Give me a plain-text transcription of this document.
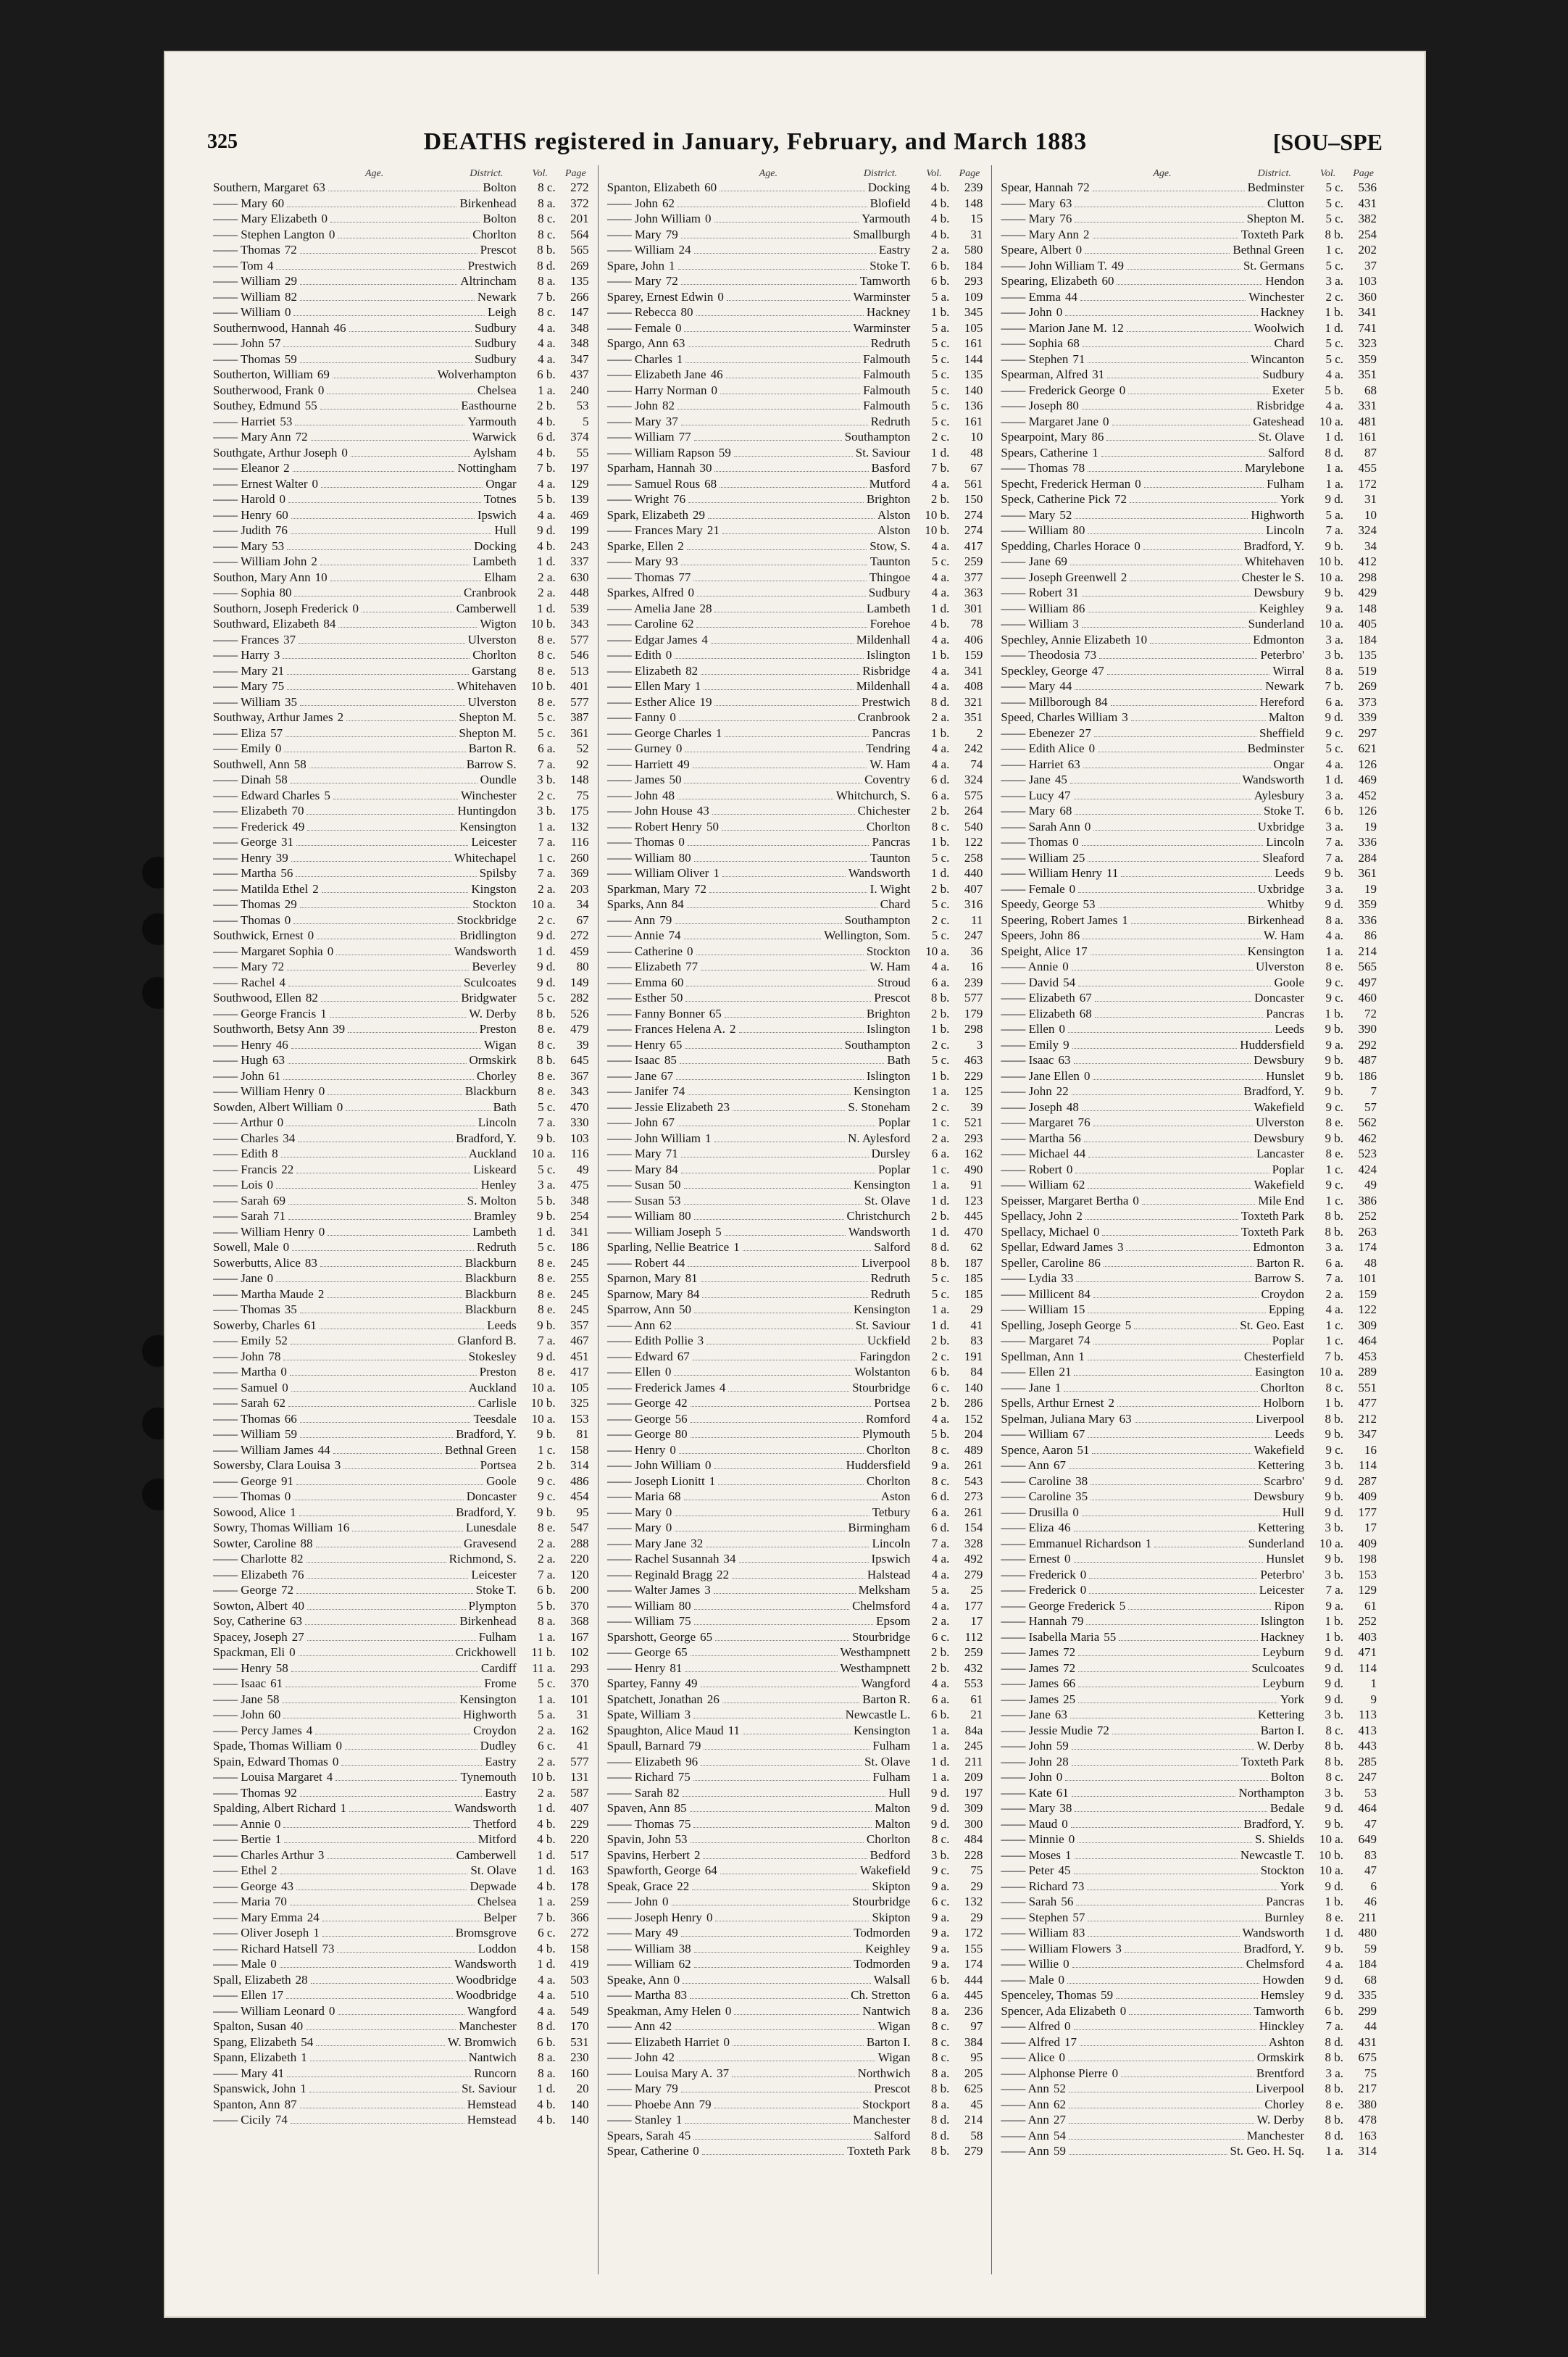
325	DEATHS registered in January, February, and March 1883	[SOU–SPE
Age.	District.	Vol. Page
Southern, Margaret 63	Bolton	8 c.	272
—— Mary 60	Birkenhead	8 a.	372
—— Mary Elizabeth 0	Bolton	8 c.	201
—— Stephen Langton 0	Chorlton	8 c.	564
—— Thomas 72	Prescot	8 b.	565
—— Tom 4	Prestwich	8 d.	269
—— William 29	Altrincham	8 a.	135
—— William 82	Newark	7 b.	266
—— William 0	Leigh	8 c.	147
Southernwood, Hannah 46	Sudbury	4 a.	348
—— John 57	Sudbury	4 a.	348
—— Thomas 59	Sudbury	4 a.	347
Southerton, William 69	Wolverhampton	6 b.	437
Southerwood, Frank 0	Chelsea	1 a.	240
Southey, Edmund 55	Easthourne	2 b.	53
—— Harriet 53	Yarmouth	4 b.	5
—— Mary Ann 72	Warwick	6 d.	374
Southgate, Arthur Joseph 0	Aylsham	4 b.	55
—— Eleanor 2	Nottingham	7 b.	197
—— Ernest Walter 0	Ongar	4 a.	129
—— Harold 0	Totnes	5 b.	139
—— Henry 60	Ipswich	4 a.	469
—— Judith 76	Hull	9 d.	199
—— Mary 53	Docking	4 b.	243
—— William John 2	Lambeth	1 d.	337
Southon, Mary Ann 10	Elham	2 a.	630
—— Sophia 80	Cranbrook	2 a.	448
Southorn, Joseph Frederick 0	Camberwell	1 d.	539
Southward, Elizabeth 84	Wigton	10 b.	343
—— Frances 37	Ulverston	8 e.	577
—— Harry 3	Chorlton	8 c.	546
—— Mary 21	Garstang	8 e.	513
—— Mary 75	Whitehaven	10 b.	401
—— William 35	Ulverston	8 e.	577
Southway, Arthur James 2	Shepton M.	5 c.	387
—— Eliza 57	Shepton M.	5 c.	361
—— Emily 0	Barton R.	6 a.	52
Southwell, Ann 58	Barrow S.	7 a.	92
—— Dinah 58	Oundle	3 b.	148
—— Edward Charles 5	Winchester	2 c.	75
—— Elizabeth 70	Huntingdon	3 b.	175
—— Frederick 49	Kensington	1 a.	132
—— George 31	Leicester	7 a.	116
—— Henry 39	Whitechapel	1 c.	260
—— Martha 56	Spilsby	7 a.	369
—— Matilda Ethel 2	Kingston	2 a.	203
—— Thomas 29	Stockton	10 a.	34
—— Thomas 0	Stockbridge	2 c.	67
Southwick, Ernest 0	Bridlington	9 d.	272
—— Margaret Sophia 0	Wandsworth	1 d.	459
—— Mary 72	Beverley	9 d.	80
—— Rachel 4	Sculcoates	9 d.	149
Southwood, Ellen 82	Bridgwater	5 c.	282
—— George Francis 1	W. Derby	8 b.	526
Southworth, Betsy Ann 39	Preston	8 e.	479
—— Henry 46	Wigan	8 c.	39
—— Hugh 63	Ormskirk	8 b.	645
—— John 61	Chorley	8 e.	367
—— William Henry 0	Blackburn	8 e.	343
Sowden, Albert William 0	Bath	5 c.	470
—— Arthur 0	Lincoln	7 a.	330
—— Charles 34	Bradford, Y.	9 b.	103
—— Edith 8	Auckland	10 a.	116
—— Francis 22	Liskeard	5 c.	49
—— Lois 0	Henley	3 a.	475
—— Sarah 69	S. Molton	5 b.	348
—— Sarah 71	Bramley	9 b.	254
—— William Henry 0	Lambeth	1 d.	341
Sowell, Male 0	Redruth	5 c.	186
Sowerbutts, Alice 83	Blackburn	8 e.	245
—— Jane 0	Blackburn	8 e.	255
—— Martha Maude 2	Blackburn	8 e.	245
—— Thomas 35	Blackburn	8 e.	245
Sowerby, Charles 61	Leeds	9 b.	357
—— Emily 52	Glanford B.	7 a.	467
—— John 78	Stokesley	9 d.	451
—— Martha 0	Preston	8 e.	417
—— Samuel 0	Auckland	10 a.	105
—— Sarah 62	Carlisle	10 b.	325
—— Thomas 66	Teesdale	10 a.	153
—— William 59	Bradford, Y.	9 b.	81
—— William James 44	Bethnal Green	1 c.	158
Sowersby, Clara Louisa 3	Portsea	2 b.	314
—— George 91	Goole	9 c.	486
—— Thomas 0	Doncaster	9 c.	454
Sowood, Alice 1	Bradford, Y.	9 b.	95
Sowry, Thomas William 16	Lunesdale	8 e.	547
Sowter, Caroline 88	Gravesend	2 a.	288
—— Charlotte 82	Richmond, S.	2 a.	220
—— Elizabeth 76	Leicester	7 a.	120
—— George 72	Stoke T.	6 b.	200
Sowton, Albert 40	Plympton	5 b.	370
Soy, Catherine 63	Birkenhead	8 a.	368
Spacey, Joseph 27	Fulham	1 a.	167
Spackman, Eli 0	Crickhowell	11 b.	102
—— Henry 58	Cardiff	11 a.	293
—— Isaac 61	Frome	5 c.	370
—— Jane 58	Kensington	1 a.	101
—— John 60	Highworth	5 a.	31
—— Percy James 4	Croydon	2 a.	162
Spade, Thomas William 0	Dudley	6 c.	41
Spain, Edward Thomas 0	Eastry	2 a.	577
—— Louisa Margaret 4	Tynemouth	10 b.	131
—— Thomas 92	Eastry	2 a.	587
Spalding, Albert Richard 1	Wandsworth	1 d.	407
—— Annie 0	Thetford	4 b.	229
—— Bertie 1	Mitford	4 b.	220
—— Charles Arthur 3	Camberwell	1 d.	517
—— Ethel 2	St. Olave	1 d.	163
—— George 43	Depwade	4 b.	178
—— Maria 70	Chelsea	1 a.	259
—— Mary Emma 24	Belper	7 b.	366
—— Oliver Joseph 1	Bromsgrove	6 c.	272
—— Richard Hatsell 73	Loddon	4 b.	158
—— Male 0	Wandsworth	1 d.	419
Spall, Elizabeth 28	Woodbridge	4 a.	503
—— Ellen 17	Woodbridge	4 a.	510
—— William Leonard 0	Wangford	4 a.	549
Spalton, Susan 40	Manchester	8 d.	170
Spang, Elizabeth 54	W. Bromwich	6 b.	531
Spann, Elizabeth 1	Nantwich	8 a.	230
—— Mary 41	Runcorn	8 a.	160
Spanswick, John 1	St. Saviour	1 d.	20
Spanton, Ann 87	Hemstead	4 b.	140
—— Cicily 74	Hemstead	4 b.	140
Age.	District.	Vol. Page
Spanton, Elizabeth 60	Docking	4 b.	239
—— John 62	Blofield	4 b.	148
—— John William 0	Yarmouth	4 b.	15
—— Mary 79	Smallburgh	4 b.	31
—— William 24	Eastry	2 a.	580
Spare, John 1	Stoke T.	6 b.	184
—— Mary 72	Tamworth	6 b.	293
Sparey, Ernest Edwin 0	Warminster	5 a.	109
—— Rebecca 80	Hackney	1 b.	345
—— Female 0	Warminster	5 a.	105
Spargo, Ann 63	Redruth	5 c.	161
—— Charles 1	Falmouth	5 c.	144
—— Elizabeth Jane 46	Falmouth	5 c.	135
—— Harry Norman 0	Falmouth	5 c.	140
—— John 82	Falmouth	5 c.	136
—— Mary 37	Redruth	5 c.	161
—— William 77	Southampton	2 c.	10
—— William Rapson 59	St. Saviour	1 d.	48
Sparham, Hannah 30	Basford	7 b.	67
—— Samuel Rous 68	Mutford	4 a.	561
—— Wright 76	Brighton	2 b.	150
Spark, Elizabeth 29	Alston	10 b.	274
—— Frances Mary 21	Alston	10 b.	274
Sparke, Ellen 2	Stow, S.	4 a.	417
—— Mary 93	Taunton	5 c.	259
—— Thomas 77	Thingoe	4 a.	377
Sparkes, Alfred 0	Sudbury	4 a.	363
—— Amelia Jane 28	Lambeth	1 d.	301
—— Caroline 62	Forehoe	4 b.	78
—— Edgar James 4	Mildenhall	4 a.	406
—— Edith 0	Islington	1 b.	159
—— Elizabeth 82	Risbridge	4 a.	341
—— Ellen Mary 1	Mildenhall	4 a.	408
—— Esther Alice 19	Prestwich	8 d.	321
—— Fanny 0	Cranbrook	2 a.	351
—— George Charles 1	Pancras	1 b.	2
—— Gurney 0	Tendring	4 a.	242
—— Harriett 49	W. Ham	4 a.	74
—— James 50	Coventry	6 d.	324
—— John 48	Whitchurch, S.	6 a.	575
—— John House 43	Chichester	2 b.	264
—— Robert Henry 50	Chorlton	8 c.	540
—— Thomas 0	Pancras	1 b.	122
—— William 80	Taunton	5 c.	258
—— William Oliver 1	Wandsworth	1 d.	440
Sparkman, Mary 72	I. Wight	2 b.	407
Sparks, Ann 84	Chard	5 c.	316
—— Ann 79	Southampton	2 c.	11
—— Annie 74	Wellington, Som.	5 c.	247
—— Catherine 0	Stockton	10 a.	36
—— Elizabeth 77	W. Ham	4 a.	16
—— Emma 60	Stroud	6 a.	239
—— Esther 50	Prescot	8 b.	577
—— Fanny Bonner 65	Brighton	2 b.	179
—— Frances Helena A. 2	Islington	1 b.	298
—— Henry 65	Southampton	2 c.	3
—— Isaac 85	Bath	5 c.	463
—— Jane 67	Islington	1 b.	229
—— Janifer 74	Kensington	1 a.	125
—— Jessie Elizabeth 23	S. Stoneham	2 c.	39
—— John 67	Poplar	1 c.	521
—— John William 1	N. Aylesford	2 a.	293
—— Mary 71	Dursley	6 a.	162
—— Mary 84	Poplar	1 c.	490
—— Susan 50	Kensington	1 a.	91
—— Susan 53	St. Olave	1 d.	123
—— William 80	Christchurch	2 b.	445
—— William Joseph 5	Wandsworth	1 d.	470
Sparling, Nellie Beatrice 1	Salford	8 d.	62
—— Robert 44	Liverpool	8 b.	187
Sparnon, Mary 81	Redruth	5 c.	185
Sparnow, Mary 84	Redruth	5 c.	185
Sparrow, Ann 50	Kensington	1 a.	29
—— Ann 62	St. Saviour	1 d.	41
—— Edith Pollie 3	Uckfield	2 b.	83
—— Edward 67	Faringdon	2 c.	191
—— Ellen 0	Wolstanton	6 b.	84
—— Frederick James 4	Stourbridge	6 c.	140
—— George 42	Portsea	2 b.	286
—— George 56	Romford	4 a.	152
—— George 80	Plymouth	5 b.	204
—— Henry 0	Chorlton	8 c.	489
—— John William 0	Huddersfield	9 a.	261
—— Joseph Lionitt 1	Chorlton	8 c.	543
—— Maria 68	Aston	6 d.	273
—— Mary 0	Tetbury	6 a.	261
—— Mary 0	Birmingham	6 d.	154
—— Mary Jane 32	Lincoln	7 a.	328
—— Rachel Susannah 34	Ipswich	4 a.	492
—— Reginald Bragg 22	Halstead	4 a.	279
—— Walter James 3	Melksham	5 a.	25
—— William 80	Chelmsford	4 a.	177
—— William 75	Epsom	2 a.	17
Sparshott, George 65	Stourbridge	6 c.	112
—— George 65	Westhampnett	2 b.	259
—— Henry 81	Westhampnett	2 b.	432
Spartey, Fanny 49	Wangford	4 a.	553
Spatchett, Jonathan 26	Barton R.	6 a.	61
Spate, William 3	Newcastle L.	6 b.	21
Spaughton, Alice Maud 11	Kensington	1 a.	84a
Spaull, Barnard 79	Fulham	1 a.	245
—— Elizabeth 96	St. Olave	1 d.	211
—— Richard 75	Fulham	1 a.	209
—— Sarah 82	Hull	9 d.	197
Spaven, Ann 85	Malton	9 d.	309
—— Thomas 75	Malton	9 d.	300
Spavin, John 53	Chorlton	8 c.	484
Spavins, Herbert 2	Bedford	3 b.	228
Spawforth, George 64	Wakefield	9 c.	75
Speak, Grace 22	Skipton	9 a.	29
—— John 0	Stourbridge	6 c.	132
—— Joseph Henry 0	Skipton	9 a.	29
—— Mary 49	Todmorden	9 a.	172
—— William 38	Keighley	9 a.	155
—— William 62	Todmorden	9 a.	174
Speake, Ann 0	Walsall	6 b.	444
—— Martha 83	Ch. Stretton	6 a.	445
Speakman, Amy Helen 0	Nantwich	8 a.	236
—— Ann 42	Wigan	8 c.	97
—— Elizabeth Harriet 0	Barton I.	8 c.	384
—— John 42	Wigan	8 c.	95
—— Louisa Mary A. 37	Northwich	8 a.	205
—— Mary 79	Prescot	8 b.	625
—— Phoebe Ann 79	Stockport	8 a.	45
—— Stanley 1	Manchester	8 d.	214
Spears, Sarah 45	Salford	8 d.	58
Spear, Catherine 0	Toxteth Park	8 b.	279
Age.	District.	Vol. Page
Spear, Hannah 72	Bedminster	5 c.	536
—— Mary 63	Clutton	5 c.	431
—— Mary 76	Shepton M.	5 c.	382
—— Mary Ann 2	Toxteth Park	8 b.	254
Speare, Albert 0	Bethnal Green	1 c.	202
—— John William T. 49	St. Germans	5 c.	37
Spearing, Elizabeth 60	Hendon	3 a.	103
—— Emma 44	Winchester	2 c.	360
—— John 0	Hackney	1 b.	341
—— Marion Jane M. 12	Woolwich	1 d.	741
—— Sophia 68	Chard	5 c.	323
—— Stephen 71	Wincanton	5 c.	359
Spearman, Alfred 31	Sudbury	4 a.	351
—— Frederick George 0	Exeter	5 b.	68
—— Joseph 80	Risbridge	4 a.	331
—— Margaret Jane 0	Gateshead	10 a.	481
Spearpoint, Mary 86	St. Olave	1 d.	161
Spears, Catherine 1	Salford	8 d.	87
—— Thomas 78	Marylebone	1 a.	455
Specht, Frederick Herman 0	Fulham	1 a.	172
Speck, Catherine Pick 72	York	9 d.	31
—— Mary 52	Highworth	5 a.	10
—— William 80	Lincoln	7 a.	324
Spedding, Charles Horace 0	Bradford, Y.	9 b.	34
—— Jane 69	Whitehaven	10 b.	412
—— Joseph Greenwell 2	Chester le S.	10 a.	298
—— Robert 31	Dewsbury	9 b.	429
—— William 86	Keighley	9 a.	148
—— William 3	Sunderland	10 a.	405
Spechley, Annie Elizabeth 10	Edmonton	3 a.	184
—— Theodosia 73	Peterbro'	3 b.	135
Speckley, George 47	Wirral	8 a.	519
—— Mary 44	Newark	7 b.	269
—— Millborough 84	Hereford	6 a.	373
Speed, Charles William 3	Malton	9 d.	339
—— Ebenezer 27	Sheffield	9 c.	297
—— Edith Alice 0	Bedminster	5 c.	621
—— Harriet 63	Ongar	4 a.	126
—— Jane 45	Wandsworth	1 d.	469
—— Lucy 47	Aylesbury	3 a.	452
—— Mary 68	Stoke T.	6 b.	126
—— Sarah Ann 0	Uxbridge	3 a.	19
—— Thomas 0	Lincoln	7 a.	336
—— William 25	Sleaford	7 a.	284
—— William Henry 11	Leeds	9 b.	361
—— Female 0	Uxbridge	3 a.	19
Speedy, George 53	Whitby	9 d.	359
Speering, Robert James 1	Birkenhead	8 a.	336
Speers, John 86	W. Ham	4 a.	86
Speight, Alice 17	Kensington	1 a.	214
—— Annie 0	Ulverston	8 e.	565
—— David 54	Goole	9 c.	497
—— Elizabeth 67	Doncaster	9 c.	460
—— Elizabeth 68	Pancras	1 b.	72
—— Ellen 0	Leeds	9 b.	390
—— Emily 9	Huddersfield	9 a.	292
—— Isaac 63	Dewsbury	9 b.	487
—— Jane Ellen 0	Hunslet	9 b.	186
—— John 22	Bradford, Y.	9 b.	7
—— Joseph 48	Wakefield	9 c.	57
—— Margaret 76	Ulverston	8 e.	562
—— Martha 56	Dewsbury	9 b.	462
—— Michael 44	Lancaster	8 e.	523
—— Robert 0	Poplar	1 c.	424
—— William 62	Wakefield	9 c.	49
Speisser, Margaret Bertha 0	Mile End	1 c.	386
Spellacy, John 2	Toxteth Park	8 b.	252
Spellacy, Michael 0	Toxteth Park	8 b.	263
Spellar, Edward James 3	Edmonton	3 a.	174
Speller, Caroline 86	Barton R.	6 a.	48
—— Lydia 33	Barrow S.	7 a.	101
—— Millicent 84	Croydon	2 a.	159
—— William 15	Epping	4 a.	122
Spelling, Joseph George 5	St. Geo. East	1 c.	309
—— Margaret 74	Poplar	1 c.	464
Spellman, Ann 1	Chesterfield	7 b.	453
—— Ellen 21	Easington	10 a.	289
—— Jane 1	Chorlton	8 c.	551
Spells, Arthur Ernest 2	Holborn	1 b.	477
Spelman, Juliana Mary 63	Liverpool	8 b.	212
—— William 67	Leeds	9 b.	347
Spence, Aaron 51	Wakefield	9 c.	16
—— Ann 67	Kettering	3 b.	114
—— Caroline 38	Scarbro'	9 d.	287
—— Caroline 35	Dewsbury	9 b.	409
—— Drusilla 0	Hull	9 d.	177
—— Eliza 46	Kettering	3 b.	17
—— Emmanuel Richardson 1	Sunderland	10 a.	409
—— Ernest 0	Hunslet	9 b.	198
—— Frederick 0	Peterbro'	3 b.	153
—— Frederick 0	Leicester	7 a.	129
—— George Frederick 5	Ripon	9 a.	61
—— Hannah 79	Islington	1 b.	252
—— Isabella Maria 55	Hackney	1 b.	403
—— James 72	Leyburn	9 d.	471
—— James 72	Sculcoates	9 d.	114
—— James 66	Leyburn	9 d.	1
—— James 25	York	9 d.	9
—— Jane 63	Kettering	3 b.	113
—— Jessie Mudie 72	Barton I.	8 c.	413
—— John 59	W. Derby	8 b.	443
—— John 28	Toxteth Park	8 b.	285
—— John 0	Bolton	8 c.	247
—— Kate 61	Northampton	3 b.	53
—— Mary 38	Bedale	9 d.	464
—— Maud 0	Bradford, Y.	9 b.	47
—— Minnie 0	S. Shields	10 a.	649
—— Moses 1	Newcastle T.	10 b.	83
—— Peter 45	Stockton	10 a.	47
—— Richard 73	York	9 d.	6
—— Sarah 56	Pancras	1 b.	46
—— Stephen 57	Burnley	8 e.	211
—— William 83	Wandsworth	1 d.	480
—— William Flowers 3	Bradford, Y.	9 b.	59
—— Willie 0	Chelmsford	4 a.	184
—— Male 0	Howden	9 d.	68
Spenceley, Thomas 59	Hemsley	9 d.	335
Spencer, Ada Elizabeth 0	Tamworth	6 b.	299
—— Alfred 0	Hinckley	7 a.	44
—— Alfred 17	Ashton	8 d.	431
—— Alice 0	Ormskirk	8 b.	675
—— Alphonse Pierre 0	Brentford	3 a.	75
—— Ann 52	Liverpool	8 b.	217
—— Ann 62	Chorley	8 e.	380
—— Ann 27	W. Derby	8 b.	478
—— Ann 54	Manchester	8 d.	163
—— Ann 59	St. Geo. H. Sq.	1 a.	314
